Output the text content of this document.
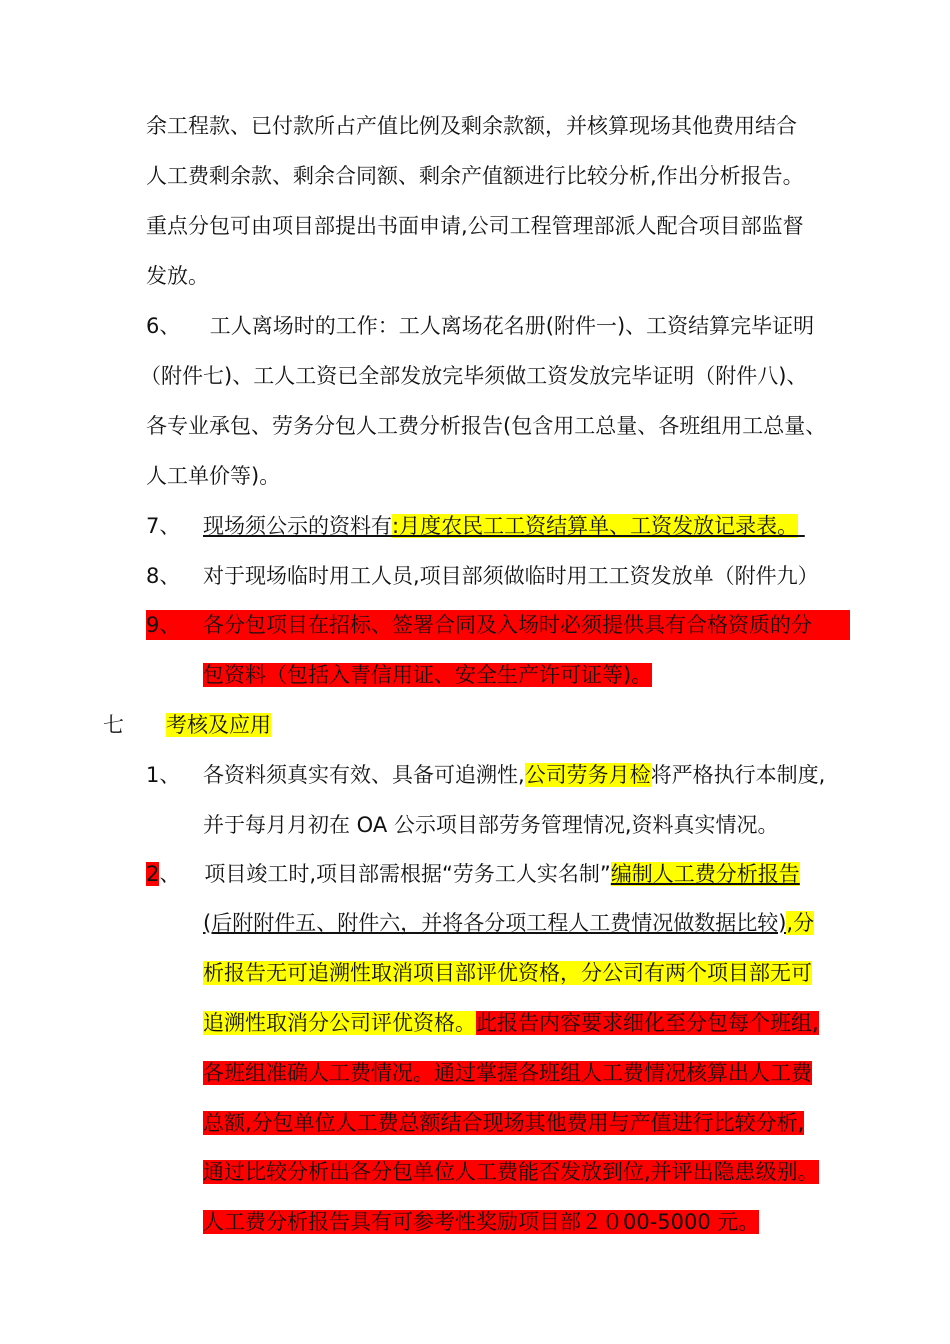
余工程款、已付款所占产值比例及剩余款额，并核算现场其他费用结合
人工费剩余款、剩余合同额、剩余产值额进行比较分析,作出分析报告。
重点分包可由项目部提出书面申请,公司工程管理部派人配合项目部监督
发放。
6、 工人离场时的工作：工人离场花名册(附件一)、工资结算完毕证明
（附件七)、工人工资已全部发放完毕须做工资发放完毕证明（附件八)、
各专业承包、劳务分包人工费分析报告(包含用工总量、各班组用工总量、
人工单价等)。
7、 现场须公示的资料有:月度农民工工资结算单、工资发放记录表。
8、 对于现场临时用工人员,项目部须做临时用工工资发放单（附件九）
9、 各分包项目在招标、签署合同及入场时必须提供具有合格资质的分
包资料（包括入青信用证、安全生产许可证等)。
七 考核及应用
1、 各资料须真实有效、具备可追溯性,公司劳务月检将严格执行本制度,
并于每月月初在 OA 公示项目部劳务管理情况,资料真实情况。
2、 项目竣工时,项目部需根据“劳务工人实名制”编制人工费分析报告
(后附附件五、附件六，并将各分项工程人工费情况做数据比较),分
析报告无可追溯性取消项目部评优资格，分公司有两个项目部无可
追溯性取消分公司评优资格。此报告内容要求细化至分包每个班组,
各班组准确人工费情况。通过掌握各班组人工费情况核算出人工费
总额,分包单位人工费总额结合现场其他费用与产值进行比较分析,
通过比较分析出各分包单位人工费能否发放到位,并评出隐患级别。
人工费分析报告具有可参考性奖励项目部２０00-5000 元。
